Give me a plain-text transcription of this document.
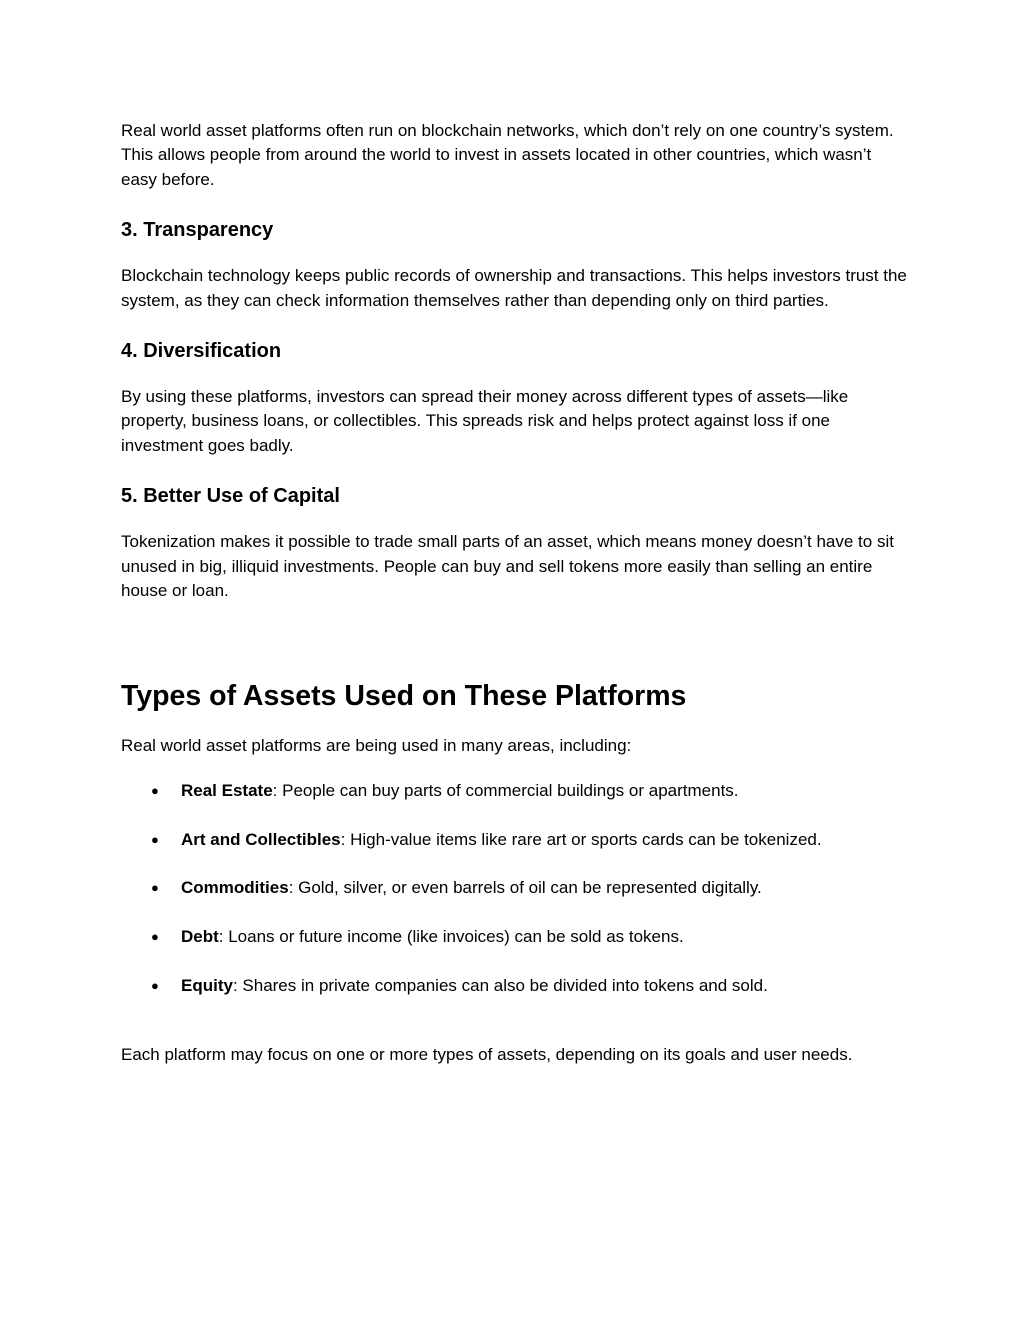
Real world asset platforms often run on blockchain networks, which don’t rely on one country’s system. This allows people from around the world to invest in assets located in other countries, which wasn’t easy before.

3. Transparency

Blockchain technology keeps public records of ownership and transactions. This helps investors trust the system, as they can check information themselves rather than depending only on third parties.

4. Diversification

By using these platforms, investors can spread their money across different types of assets—like property, business loans, or collectibles. This spreads risk and helps protect against loss if one investment goes badly.

5. Better Use of Capital

Tokenization makes it possible to trade small parts of an asset, which means money doesn’t have to sit unused in big, illiquid investments. People can buy and sell tokens more easily than selling an entire house or loan.

Types of Assets Used on These Platforms

Real world asset platforms are being used in many areas, including:

● Real Estate: People can buy parts of commercial buildings or apartments.
● Art and Collectibles: High-value items like rare art or sports cards can be tokenized.
● Commodities: Gold, silver, or even barrels of oil can be represented digitally.
● Debt: Loans or future income (like invoices) can be sold as tokens.
● Equity: Shares in private companies can also be divided into tokens and sold.

Each platform may focus on one or more types of assets, depending on its goals and user needs.
